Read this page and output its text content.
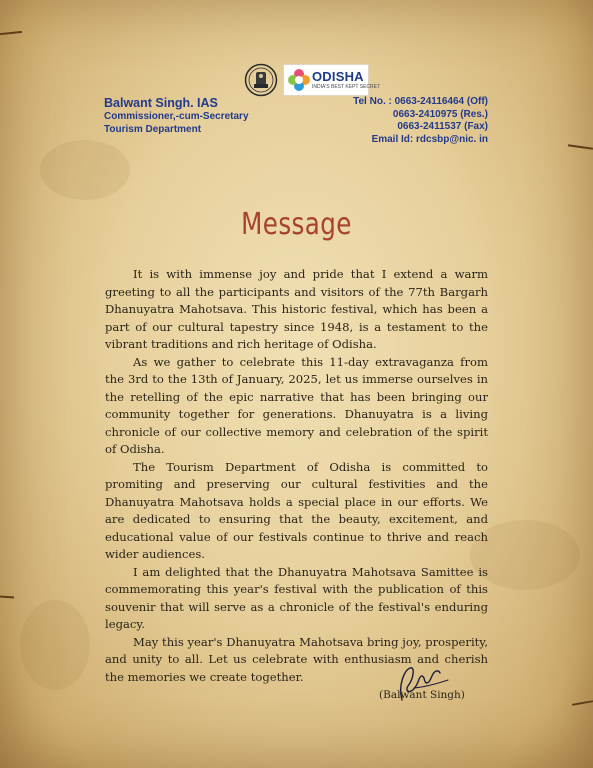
ODISHA
INDIA'S BEST KEPT SECRET
Balwant Singh. IAS
Commissioner,-cum-Secretary
Tourism Department
Tel No. : 0663-24116464 (Off)
0663-2410975 (Res.)
0663-2411537 (Fax)
Email Id: rdcsbp@nic. in
Message

It is with immense joy and pride that I extend a warm greeting to all the participants and visitors of the 77th Bargarh Dhanuyatra Mahotsava. This historic festival, which has been a part of our cultural tapestry since 1948, is a testament to the vibrant traditions and rich heritage of Odisha.

As we gather to celebrate this 11-day extravaganza from the 3rd to the 13th of January, 2025, let us immerse ourselves in the retelling of the epic narrative that has been bringing our community together for generations. Dhanuyatra is a living chronicle of our collective memory and celebration of the spirit of Odisha.

The Tourism Department of Odisha is committed to promiting and preserving our cultural festivities and the Dhanuyatra Mahotsava holds a special place in our efforts. We are dedicated to ensuring that the beauty, excitement, and educational value of our festivals continue to thrive and reach wider audiences.

I am delighted that the Dhanuyatra Mahotsava Samittee is commemorating this year's festival with the publication of this souvenir that will serve as a chronicle of the festival's enduring legacy.

May this year's Dhanuyatra Mahotsava bring joy, prosperity, and unity to all. Let us celebrate with enthusiasm and cherish the memories we create together.

(Balwant Singh)
